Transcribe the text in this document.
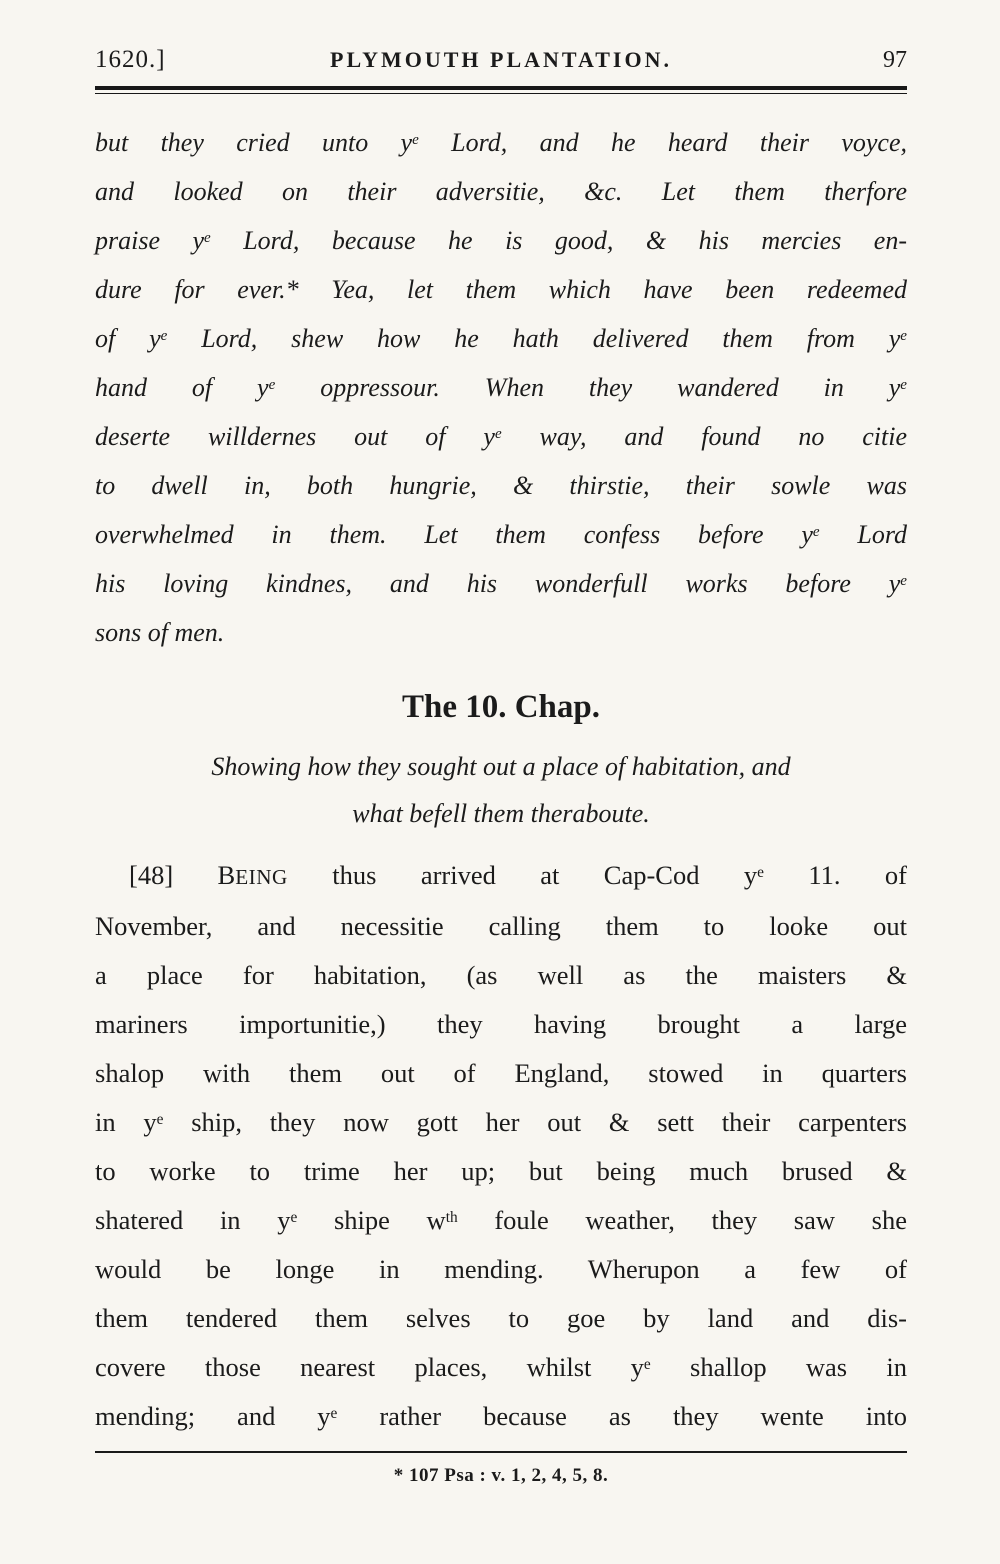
1620.]	PLYMOUTH PLANTATION.	97
but they cried unto $y^e$ Lord, and he heard their voyce,
and looked on their adversitie, &c. Let them therfore
praise $y^e$ Lord, because he is good, & his mercies en-
dure for ever.* Yea, let them which have been redeemed
of $y^e$ Lord, shew how he hath delivered them from $y^e$
hand of $y^e$ oppressour. When they wandered in $y^e$
deserte willdernes out of $y^e$ way, and found no citie
to dwell in, both hungrie, & thirstie, their sowle was
overwhelmed in them. Let them confess before $y^e$ Lord
his loving kindnes, and his wonderfull works before $y^e$
sons of men.
The 10. Chap.
Showing how they sought out a place of habitation, and
what befell them theraboute.
[48] BEING thus arrived at Cap-Cod $y^e$ 11. of
November, and necessitie calling them to looke out
a place for habitation, (as well as the maisters &
mariners importunitie,) they having brought a large
shalop with them out of England, stowed in quarters
in $y^e$ ship, they now gott her out & sett their carpenters
to worke to trime her up; but being much brused &
shatered in $y^e$ shipe $w^{th}$ foule weather, they saw she
would be longe in mending. Wherupon a few of
them tendered them selves to goe by land and dis-
covere those nearest places, whilst $y^e$ shallop was in
mending; and $y^e$ rather because as they wente into
* 107 Psa : v. 1, 2, 4, 5, 8.
